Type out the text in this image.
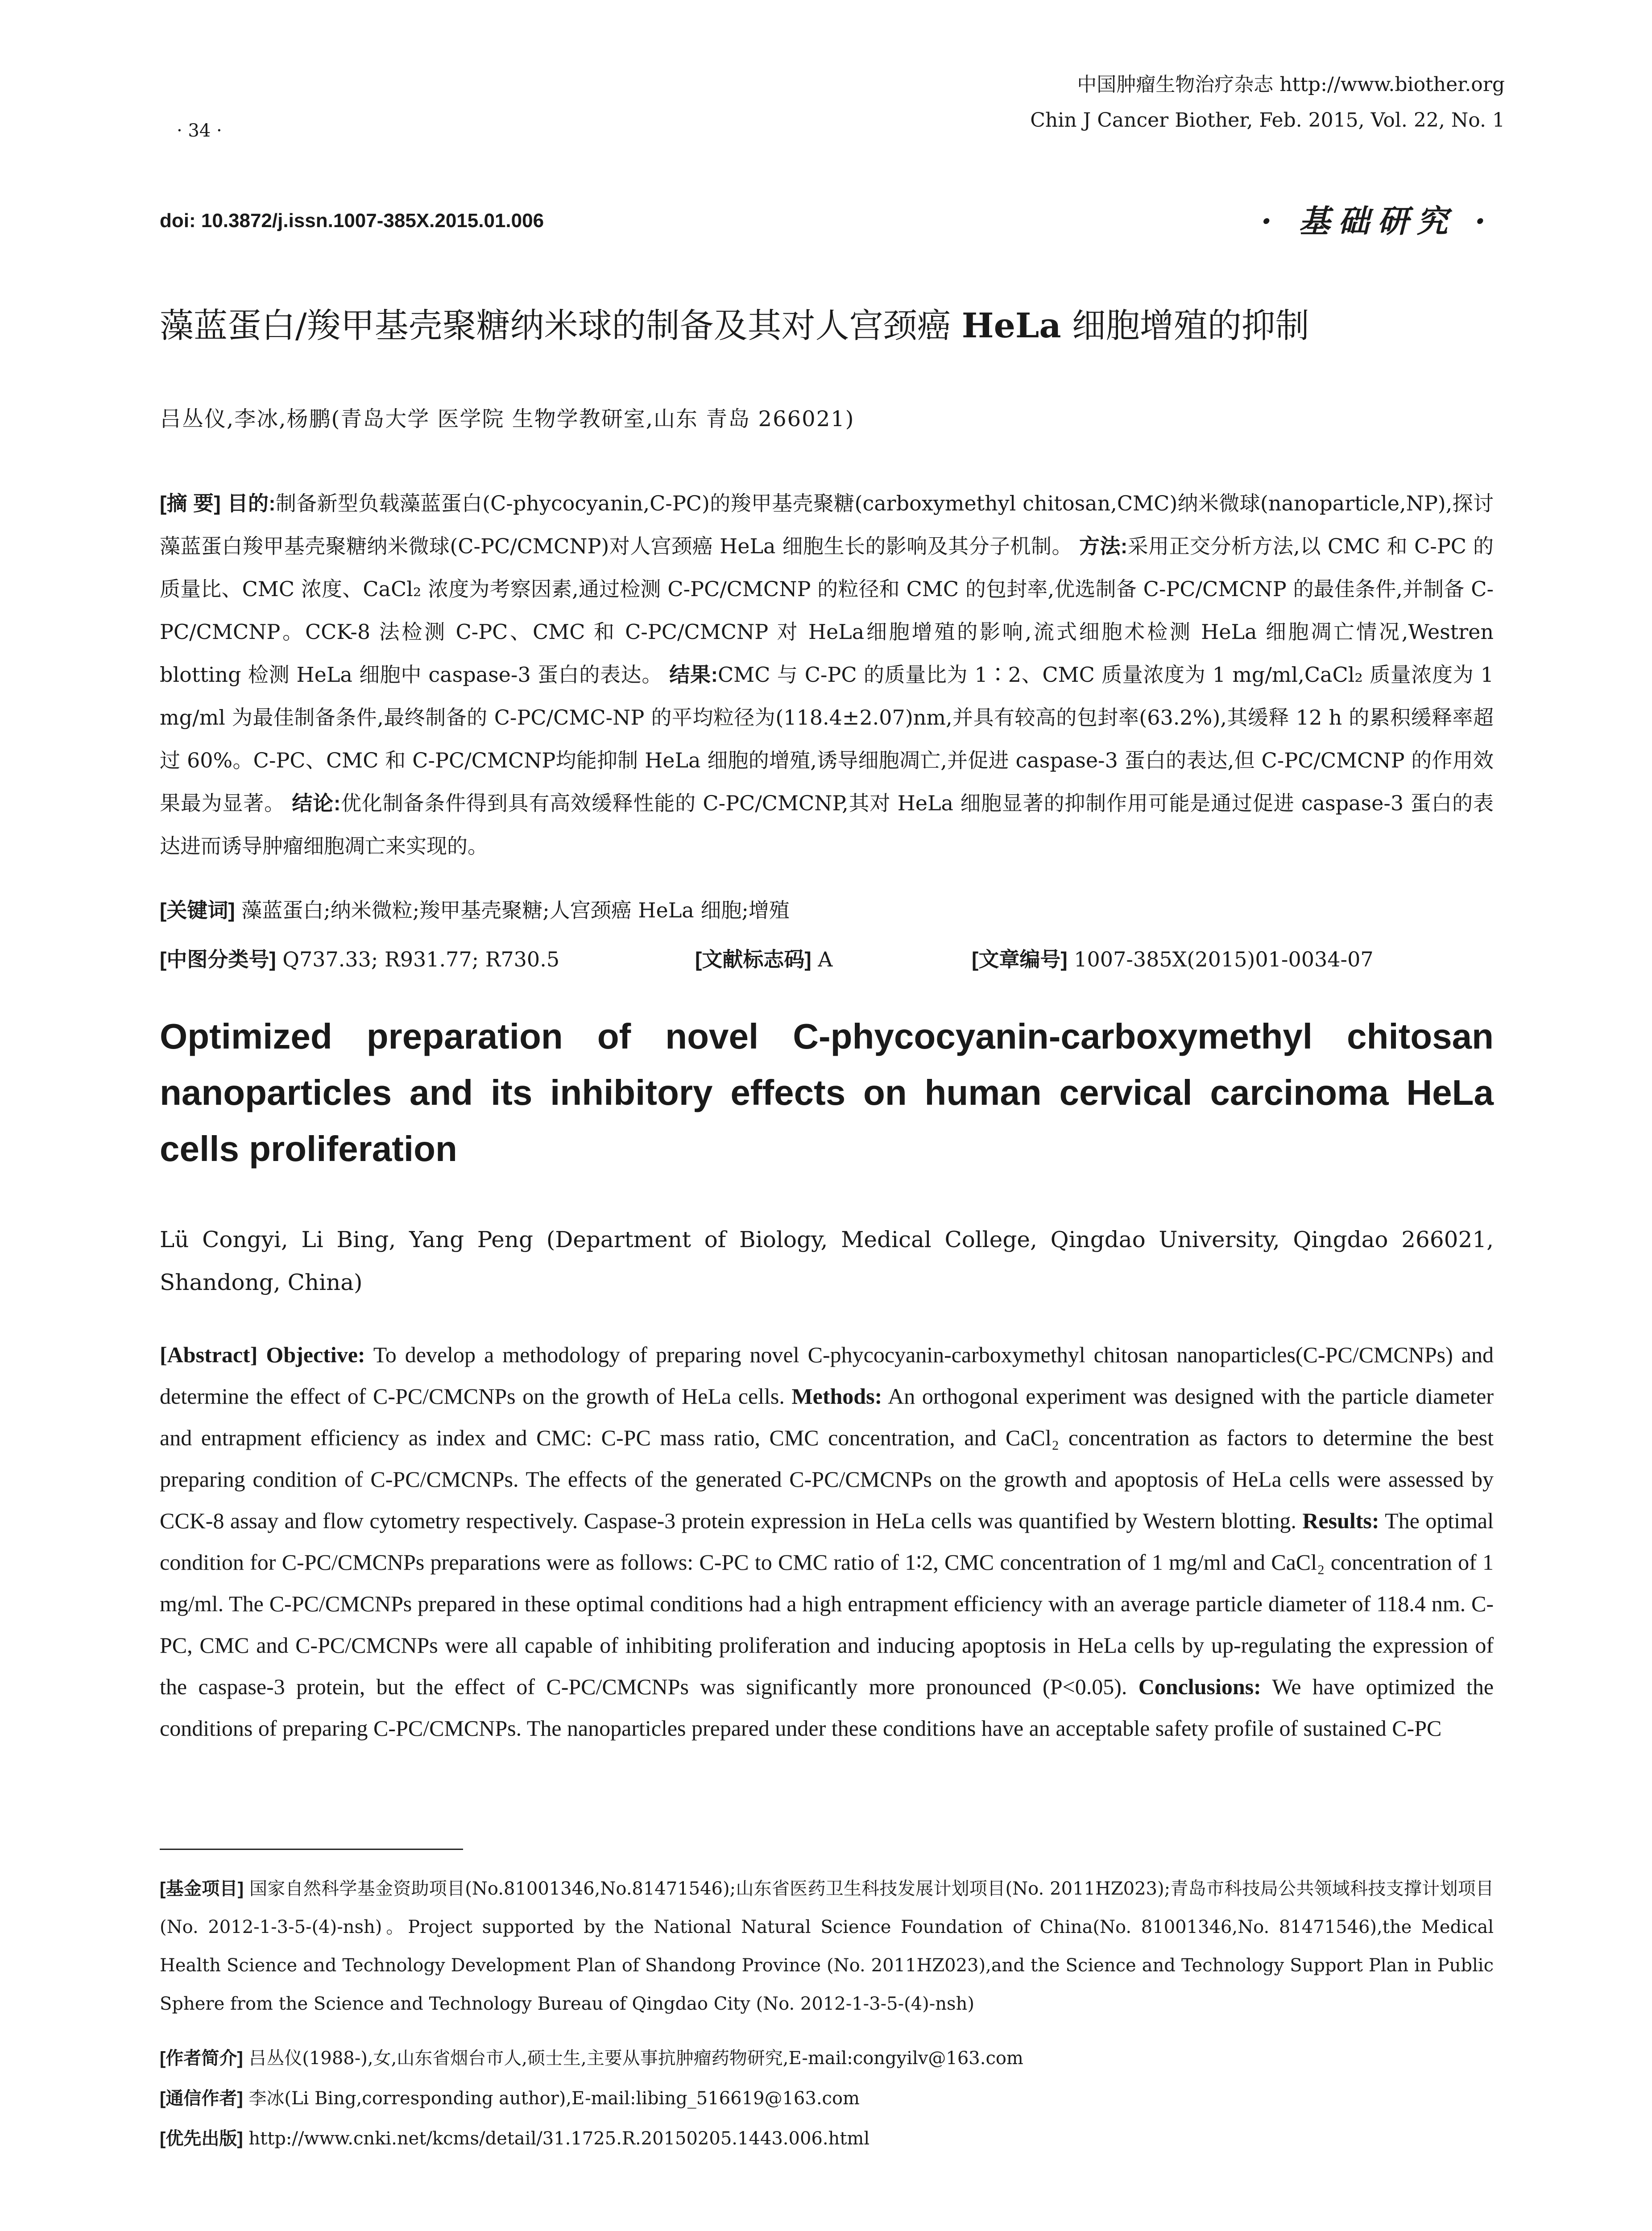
· 34 ·
中国肿瘤生物治疗杂志 http://www.biother.org
Chin J Cancer Biother, Feb. 2015, Vol. 22, No. 1
doi: 10.3872/j.issn.1007-385X.2015.01.006	· 基础研究 ·
藻蓝蛋白/羧甲基壳聚糖纳米球的制备及其对人宫颈癌 HeLa 细胞增殖的抑制
吕丛仪,李冰,杨鹏(青岛大学 医学院 生物学教研室,山东 青岛 266021)
[摘 要] 目的:制备新型负载藻蓝蛋白(C-phycocyanin,C-PC)的羧甲基壳聚糖(carboxymethyl chitosan,CMC)纳米微球(nanoparticle,NP),探讨藻蓝蛋白羧甲基壳聚糖纳米微球(C-PC/CMCNP)对人宫颈癌 HeLa 细胞生长的影响及其分子机制。 方法:采用正交分析方法,以 CMC 和 C-PC 的质量比、CMC 浓度、CaCl₂ 浓度为考察因素,通过检测 C-PC/CMCNP 的粒径和 CMC 的包封率,优选制备 C-PC/CMCNP 的最佳条件,并制备 C-PC/CMCNP。CCK-8 法检测 C-PC、CMC 和 C-PC/CMCNP 对 HeLa细胞增殖的影响,流式细胞术检测 HeLa 细胞凋亡情况,Westren blotting 检测 HeLa 细胞中 caspase-3 蛋白的表达。 结果:CMC 与 C-PC 的质量比为 1∶2、CMC 质量浓度为 1 mg/ml,CaCl₂ 质量浓度为 1 mg/ml 为最佳制备条件,最终制备的 C-PC/CMC-NP 的平均粒径为(118.4±2.07)nm,并具有较高的包封率(63.2%),其缓释 12 h 的累积缓释率超过 60%。C-PC、CMC 和 C-PC/CMCNP均能抑制 HeLa 细胞的增殖,诱导细胞凋亡,并促进 caspase-3 蛋白的表达,但 C-PC/CMCNP 的作用效果最为显著。 结论:优化制备条件得到具有高效缓释性能的 C-PC/CMCNP,其对 HeLa 细胞显著的抑制作用可能是通过促进 caspase-3 蛋白的表达进而诱导肿瘤细胞凋亡来实现的。
[关键词] 藻蓝蛋白;纳米微粒;羧甲基壳聚糖;人宫颈癌 HeLa 细胞;增殖
[中图分类号] Q737.33; R931.77; R730.5	[文献标志码] A	[文章编号] 1007-385X(2015)01-0034-07
Optimized preparation of novel C-phycocyanin-carboxymethyl chitosan nanoparticles and its inhibitory effects on human cervical carcinoma HeLa cells proliferation
Lü Congyi, Li Bing, Yang Peng (Department of Biology, Medical College, Qingdao University, Qingdao 266021, Shandong, China)
[Abstract] Objective: To develop a methodology of preparing novel C-phycocyanin-carboxymethyl chitosan nanoparticles(C-PC/CMCNPs) and determine the effect of C-PC/CMCNPs on the growth of HeLa cells. Methods: An orthogonal experiment was designed with the particle diameter and entrapment efficiency as index and CMC: C-PC mass ratio, CMC concentration, and CaCl₂ concentration as factors to determine the best preparing condition of C-PC/CMCNPs. The effects of the generated C-PC/CMCNPs on the growth and apoptosis of HeLa cells were assessed by CCK-8 assay and flow cytometry respectively. Caspase-3 protein expression in HeLa cells was quantified by Western blotting. Results: The optimal condition for C-PC/CMCNPs preparations were as follows: C-PC to CMC ratio of 1∶2, CMC concentration of 1 mg/ml and CaCl₂ concentration of 1 mg/ml. The C-PC/CMCNPs prepared in these optimal conditions had a high entrapment efficiency with an average particle diameter of 118.4 nm. C-PC, CMC and C-PC/CMCNPs were all capable of inhibiting proliferation and inducing apoptosis in HeLa cells by up-regulating the expression of the caspase-3 protein, but the effect of C-PC/CMCNPs was significantly more pronounced (P<0.05). Conclusions: We have optimized the conditions of preparing C-PC/CMCNPs. The nanoparticles prepared under these conditions have an acceptable safety profile of sustained C-PC
[基金项目] 国家自然科学基金资助项目(No.81001346,No.81471546);山东省医药卫生科技发展计划项目(No. 2011HZ023);青岛市科技局公共领域科技支撑计划项目(No. 2012-1-3-5-(4)-nsh)。Project supported by the National Natural Science Foundation of China(No. 81001346,No. 81471546),the Medical Health Science and Technology Development Plan of Shandong Province (No. 2011HZ023),and the Science and Technology Support Plan in Public Sphere from the Science and Technology Bureau of Qingdao City (No. 2012-1-3-5-(4)-nsh)
[作者简介] 吕丛仪(1988-),女,山东省烟台市人,硕士生,主要从事抗肿瘤药物研究,E-mail:congyilv@163.com
[通信作者] 李冰(Li Bing,corresponding author),E-mail:libing_516619@163.com
[优先出版] http://www.cnki.net/kcms/detail/31.1725.R.20150205.1443.006.html
